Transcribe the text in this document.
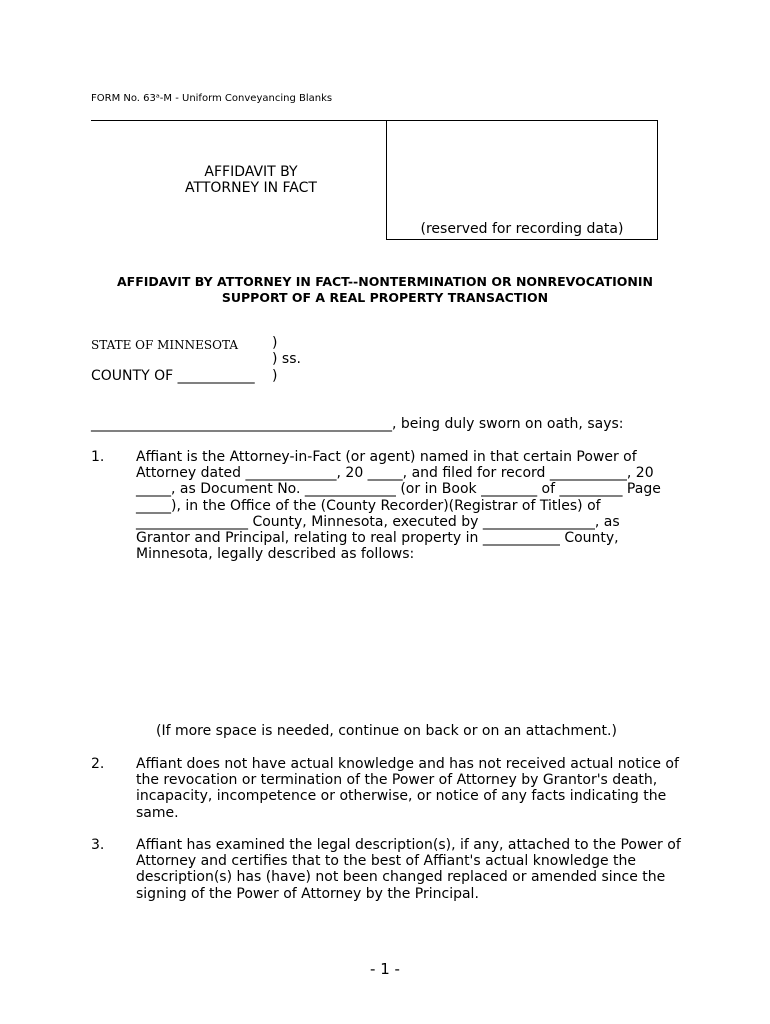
FORM No. 63ᵃ-M - Uniform Conveyancing Blanks
(reserved for recording data)
AFFIDAVIT BY
ATTORNEY IN FACT
AFFIDAVIT BY ATTORNEY IN FACT--NONTERMINATION OR NONREVOCATIONIN
SUPPORT OF A REAL PROPERTY TRANSACTION
STATE OF MINNESOTA )
) ss.
)
COUNTY OF ___________
___________________________________________, being duly sworn on oath, says:
1. Affiant is the Attorney-in-Fact (or agent) named in that certain Power of
Attorney dated _____________, 20 _____, and filed for record ___________, 20
_____, as Document No. _____________ (or in Book ________ of _________ Page
_____), in the Office of the (County Recorder)(Registrar of Titles) of
________________ County, Minnesota, executed by ________________, as
Grantor and Principal, relating to real property in ___________ County,
Minnesota, legally described as follows:
(If more space is needed, continue on back or on an attachment.)
2. Affiant does not have actual knowledge and has not received actual notice of
the revocation or termination of the Power of Attorney by Grantor's death,
incapacity, incompetence or otherwise, or notice of any facts indicating the
same.
3. Affiant has examined the legal description(s), if any, attached to the Power of
Attorney and certifies that to the best of Affiant's actual knowledge the
description(s) has (have) not been changed replaced or amended since the
signing of the Power of Attorney by the Principal.
- 1 -
